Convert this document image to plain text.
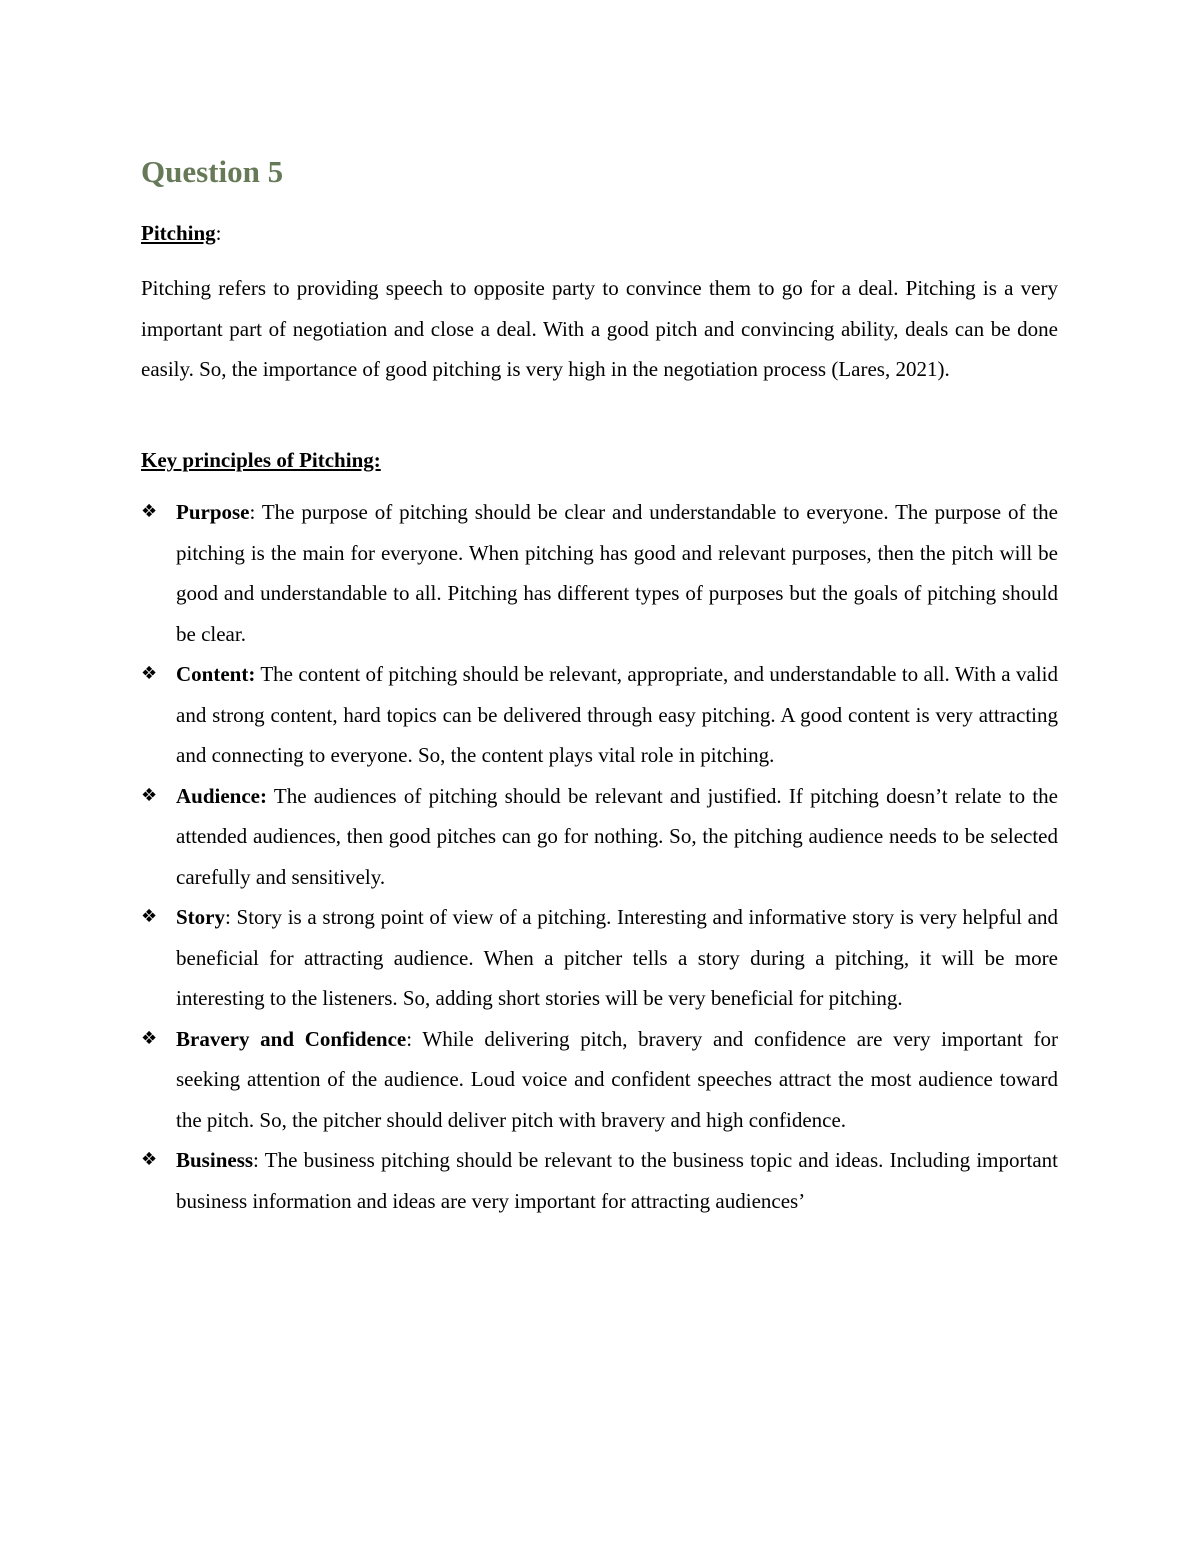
Question 5

Pitching:

Pitching refers to providing speech to opposite party to convince them to go for a deal. Pitching is a very important part of negotiation and close a deal. With a good pitch and convincing ability, deals can be done easily. So, the importance of good pitching is very high in the negotiation process (Lares, 2021).

Key principles of Pitching:

❖ Purpose: The purpose of pitching should be clear and understandable to everyone. The purpose of the pitching is the main for everyone. When pitching has good and relevant purposes, then the pitch will be good and understandable to all. Pitching has different types of purposes but the goals of pitching should be clear.
❖ Content: The content of pitching should be relevant, appropriate, and understandable to all. With a valid and strong content, hard topics can be delivered through easy pitching. A good content is very attracting and connecting to everyone. So, the content plays vital role in pitching.
❖ Audience: The audiences of pitching should be relevant and justified. If pitching doesn’t relate to the attended audiences, then good pitches can go for nothing. So, the pitching audience needs to be selected carefully and sensitively.
❖ Story: Story is a strong point of view of a pitching. Interesting and informative story is very helpful and beneficial for attracting audience. When a pitcher tells a story during a pitching, it will be more interesting to the listeners. So, adding short stories will be very beneficial for pitching.
❖ Bravery and Confidence: While delivering pitch, bravery and confidence are very important for seeking attention of the audience. Loud voice and confident speeches attract the most audience toward the pitch. So, the pitcher should deliver pitch with bravery and high confidence.
❖ Business: The business pitching should be relevant to the business topic and ideas. Including important business information and ideas are very important for attracting audiences’
